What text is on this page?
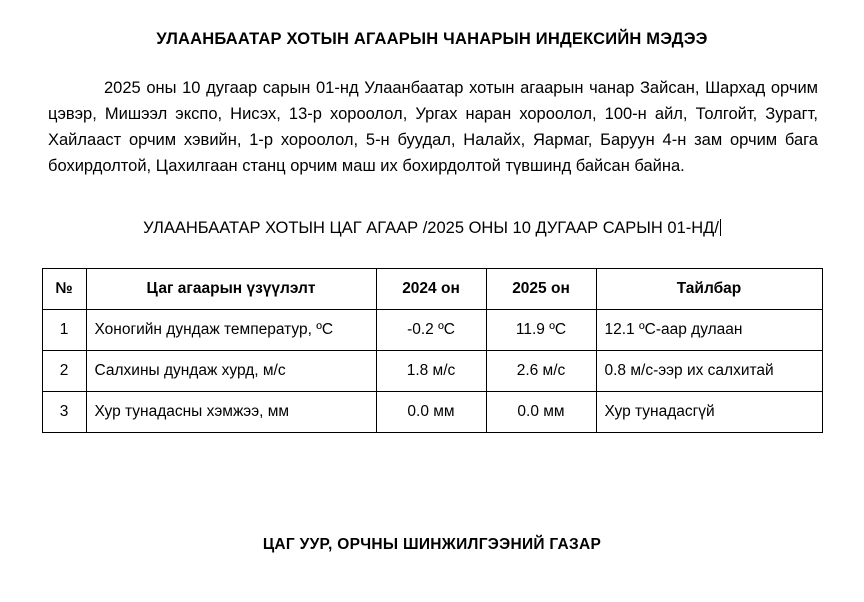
УЛААНБААТАР ХОТЫН АГААРЫН ЧАНАРЫН ИНДЕКСИЙН МЭДЭЭ
2025 оны 10 дугаар сарын 01-нд Улаанбаатар хотын агаарын чанар Зайсан, Шархад орчим цэвэр, Мишээл экспо, Нисэх, 13-р хороолол, Ургах наран хороолол, 100-н айл, Толгойт, Зурагт, Хайлааст орчим хэвийн, 1-р хороолол, 5-н буудал, Налайх, Яармаг, Баруун 4-н зам орчим бага бохирдолтой, Цахилгаан станц орчим маш их бохирдолтой түвшинд байсан байна.
УЛААНБААТАР ХОТЫН ЦАГ АГААР /2025 ОНЫ 10 ДУГААР САРЫН 01-НД/
№	Цаг агаарын үзүүлэлт	2024 он	2025 он	Тайлбар
1	Хоногийн дундаж температур, ºС	-0.2 ºC	11.9 ºC	12.1 ºC-аар дулаан
2	Салхины дундаж хурд, м/с	1.8 м/с	2.6 м/с	0.8 м/с-ээр их салхитай
3	Хур тунадасны хэмжээ, мм	0.0 мм	0.0 мм	Хур тунадасгүй
ЦАГ УУР, ОРЧНЫ ШИНЖИЛГЭЭНИЙ ГАЗАР
